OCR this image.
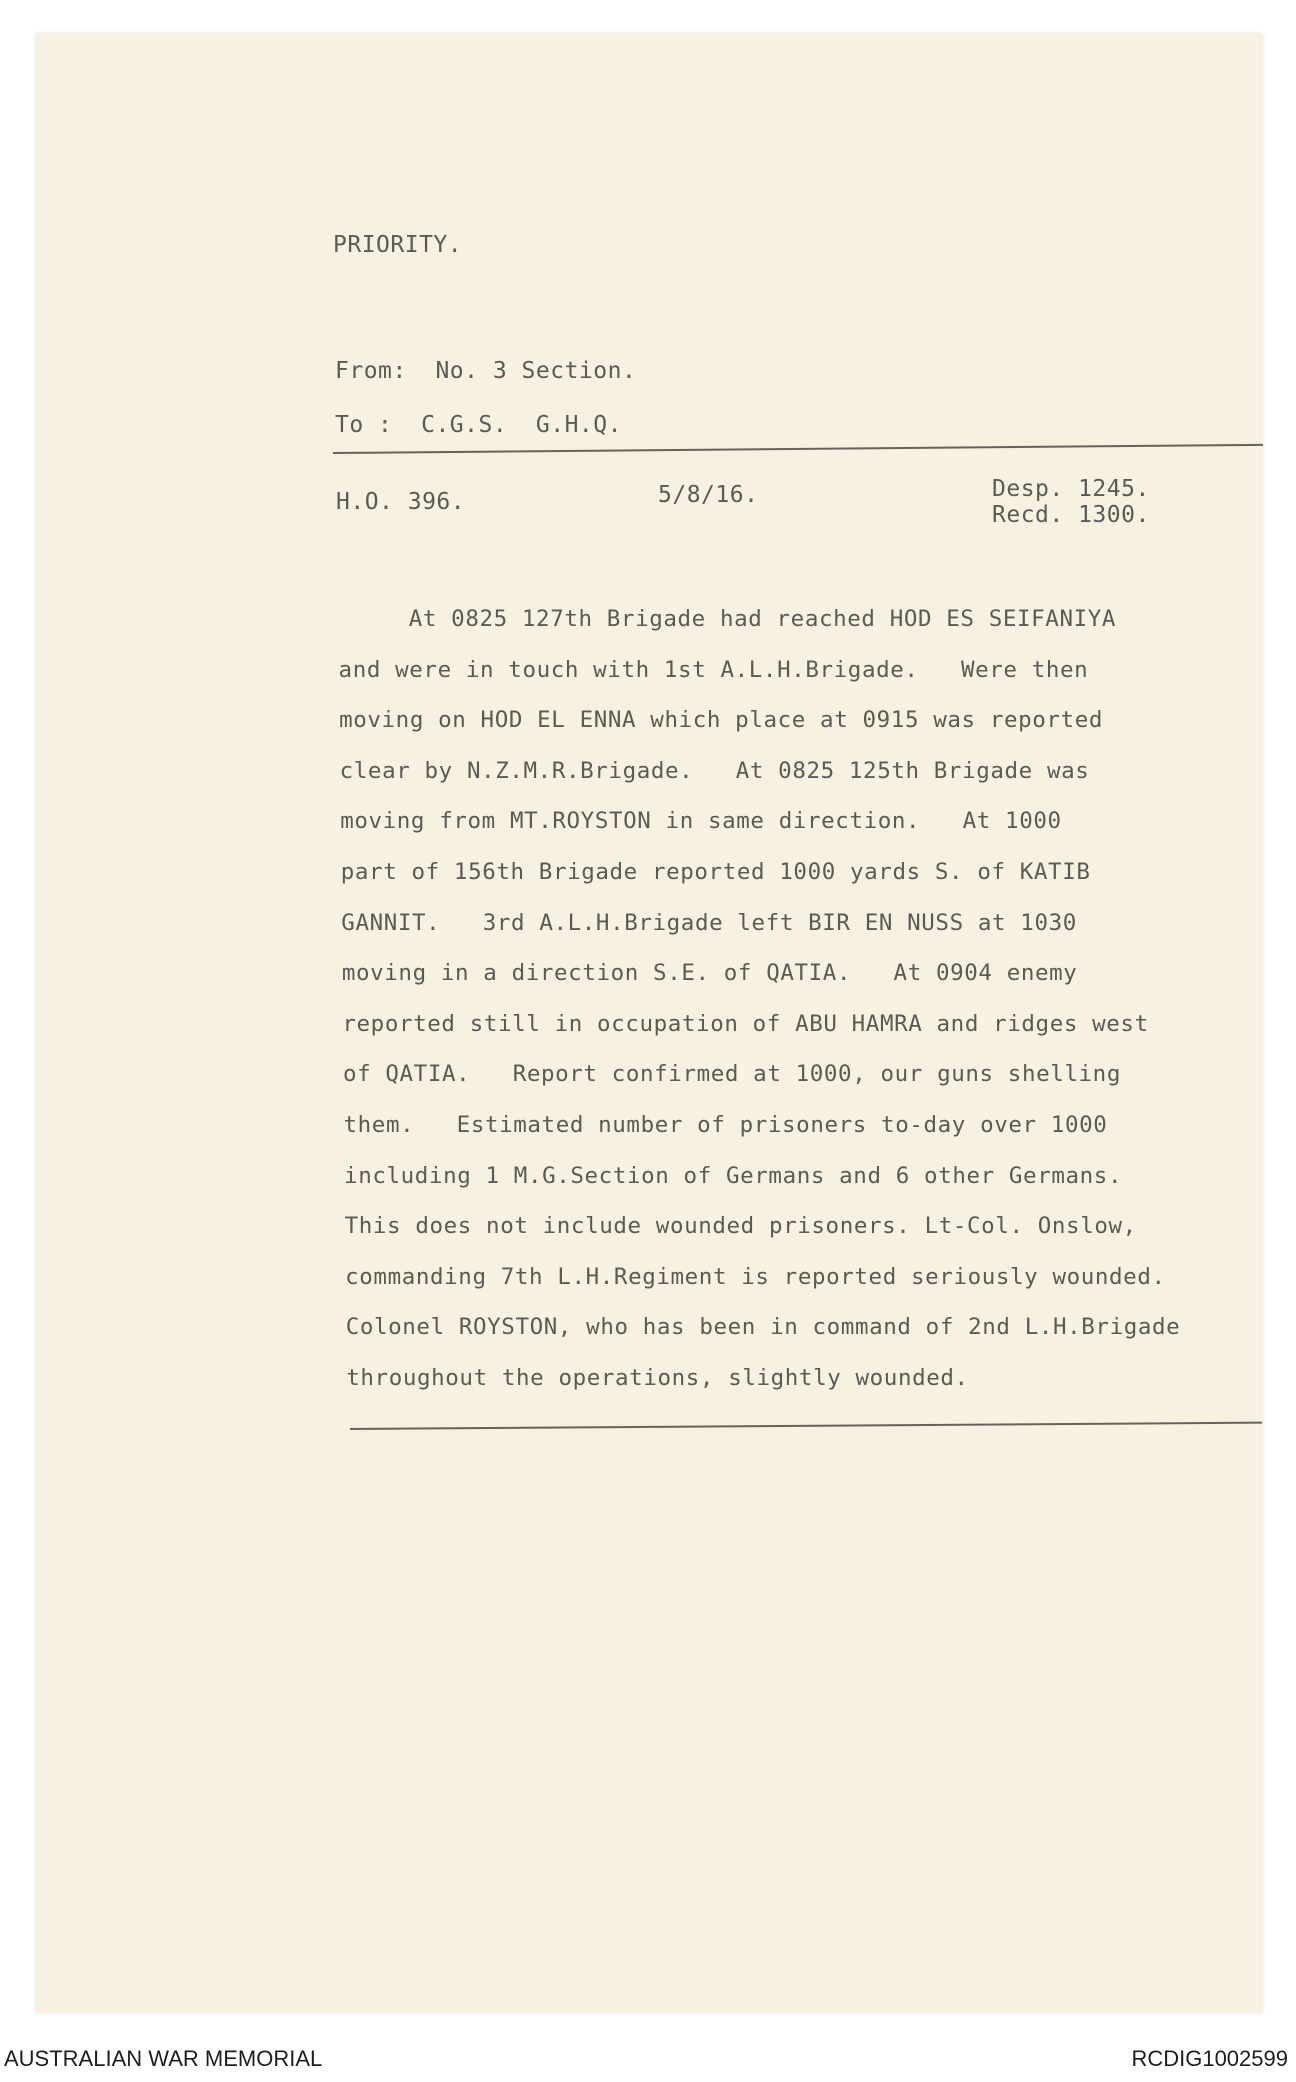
PRIORITY.
From: No. 3 Section.
To : C.G.S.  G.H.Q.
H.O. 396.	5/8/16.	Desp. 1245.
Recd. 1300.
At 0825 127th Brigade had reached HOD ES SEIFANIYA
and were in touch with 1st A.L.H.Brigade.   Were then
moving on HOD EL ENNA which place at 0915 was reported
clear by N.Z.M.R.Brigade.   At 0825 125th Brigade was
moving from MT.ROYSTON in same direction.   At 1000
part of 156th Brigade reported 1000 yards S. of KATIB
GANNIT.   3rd A.L.H.Brigade left BIR EN NUSS at 1030
moving in a direction S.E. of QATIA.   At 0904 enemy
reported still in occupation of ABU HAMRA and ridges west
of QATIA.   Report confirmed at 1000, our guns shelling
them.   Estimated number of prisoners to-day over 1000
including 1 M.G.Section of Germans and 6 other Germans.
This does not include wounded prisoners. Lt-Col. Onslow,
commanding 7th L.H.Regiment is reported seriously wounded.
Colonel ROYSTON, who has been in command of 2nd L.H.Brigade
throughout the operations, slightly wounded.
AUSTRALIAN WAR MEMORIAL	RCDIG1002599
